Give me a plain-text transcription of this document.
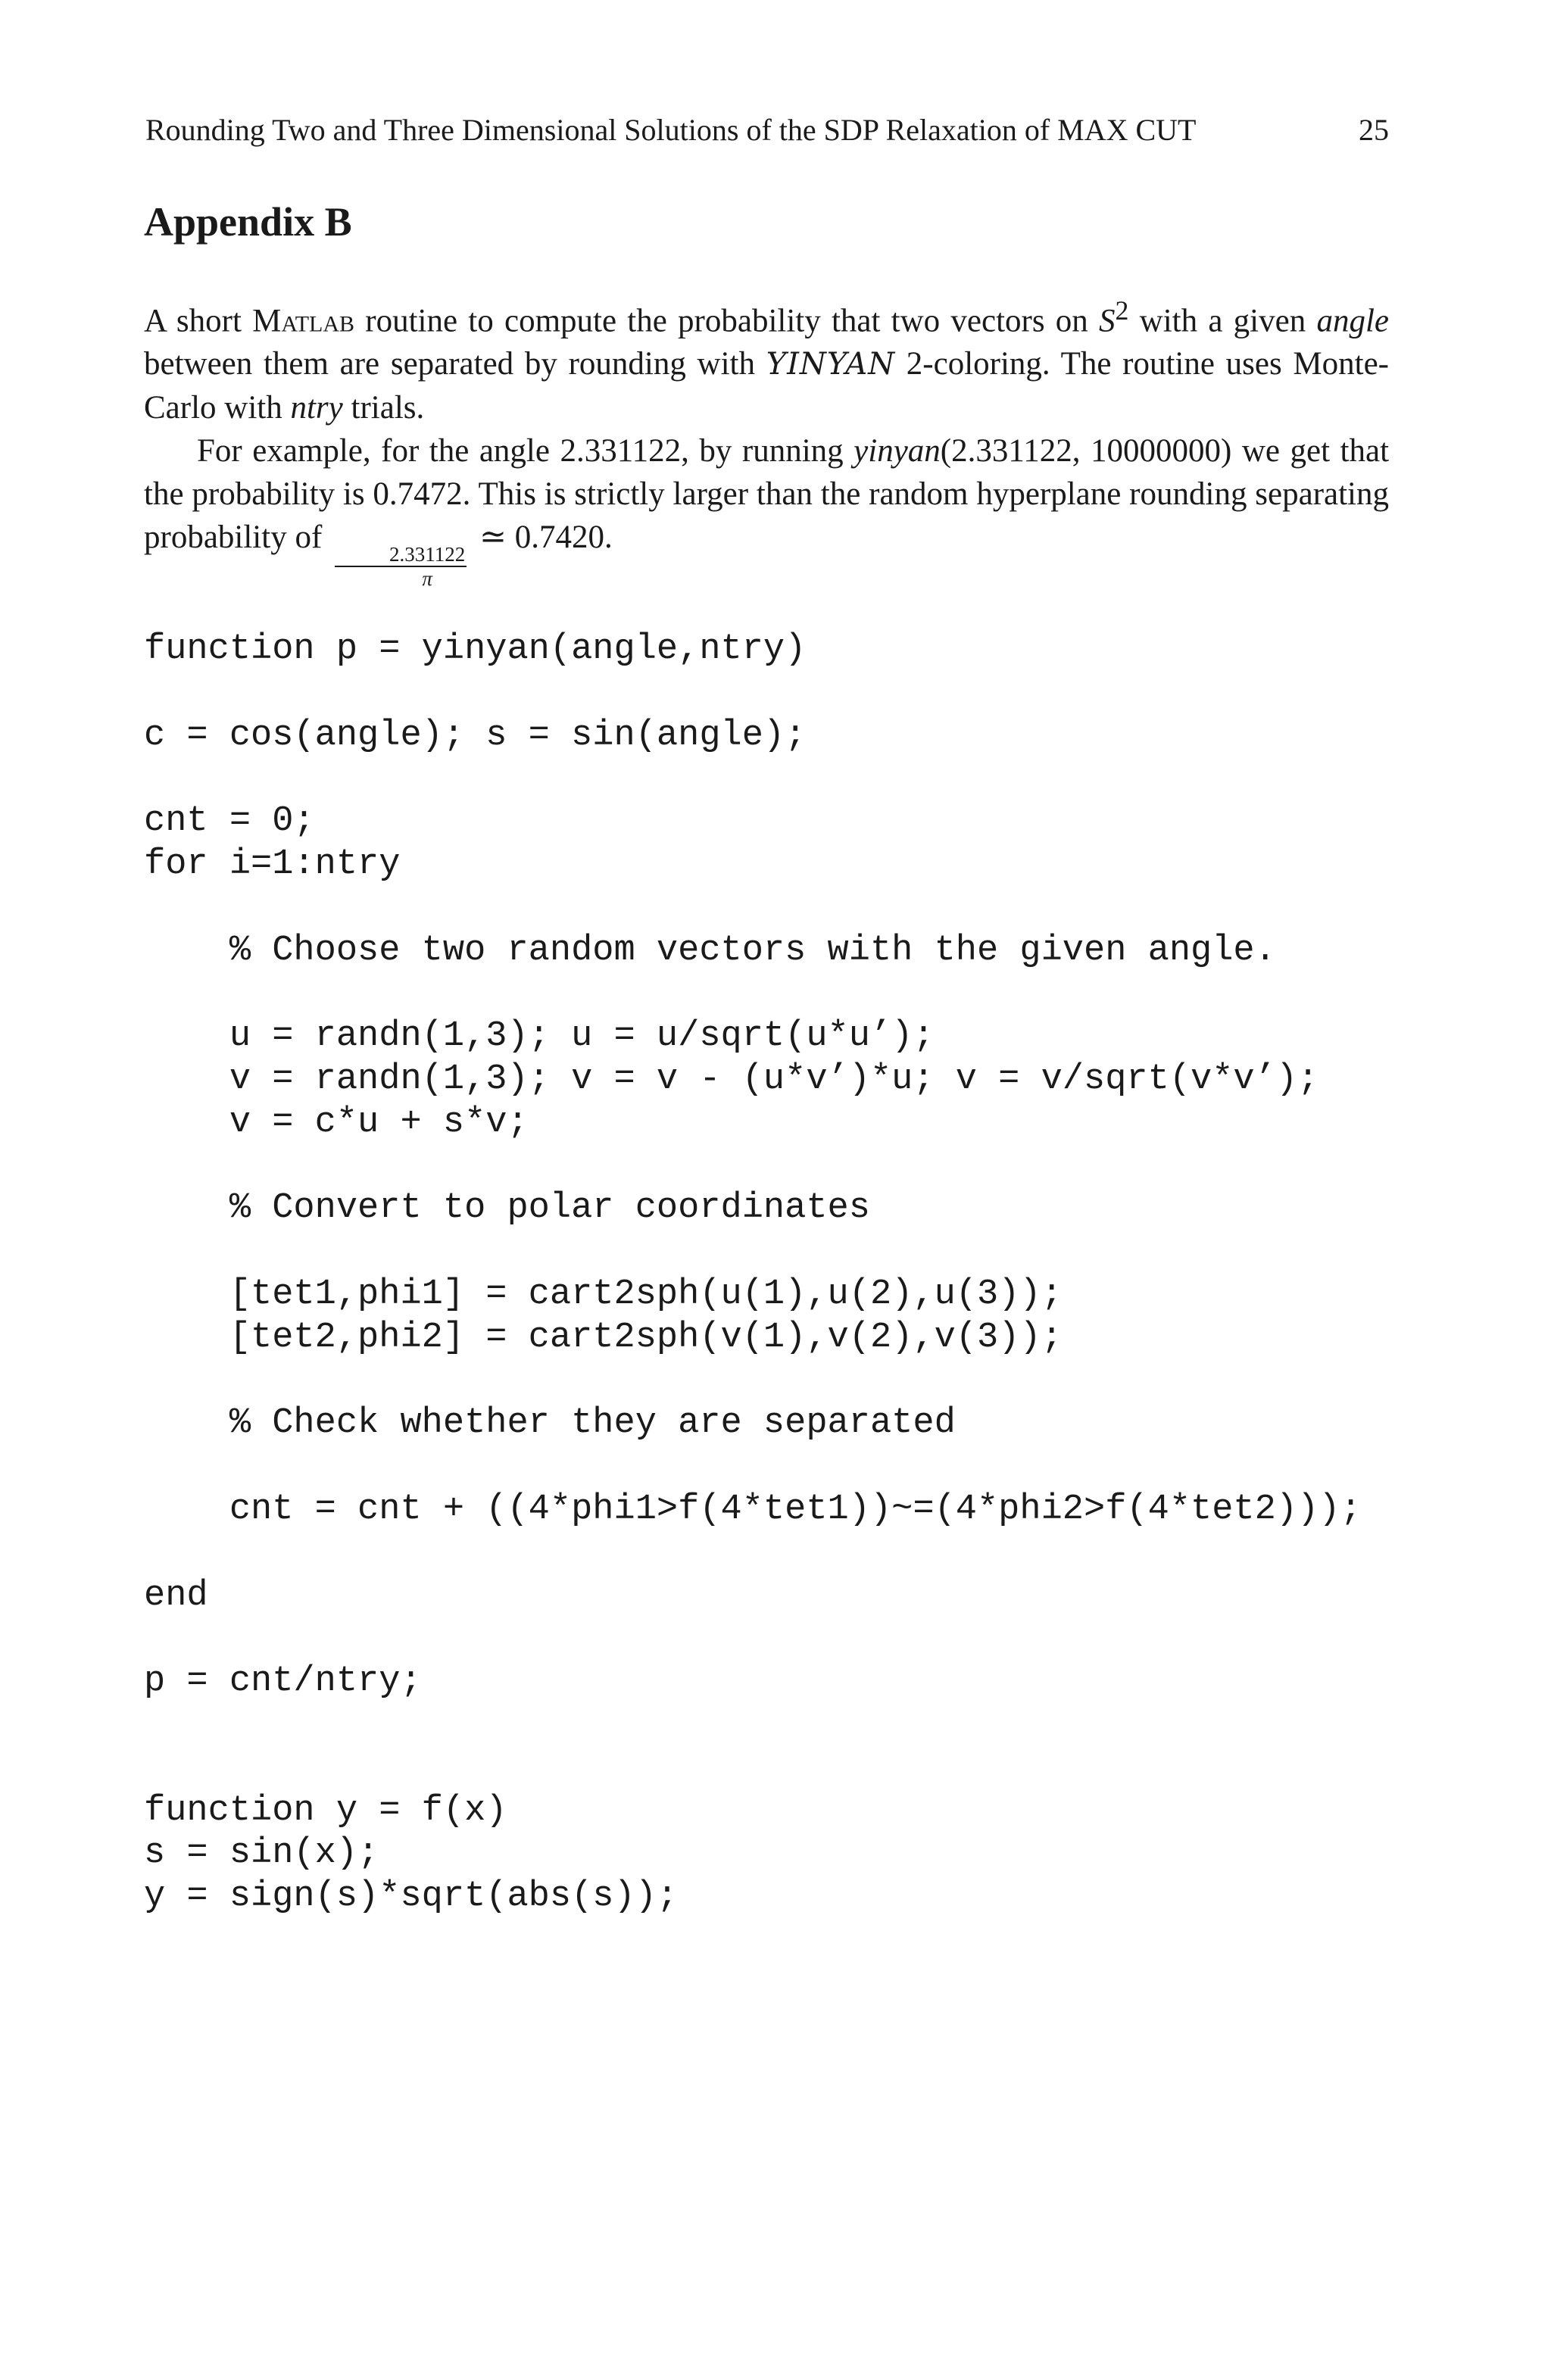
Rounding Two and Three Dimensional Solutions of the SDP Relaxation of MAX CUT	25
Appendix B

A short Matlab routine to compute the probability that two vectors on $S^2$ with a given angle between them are separated by rounding with YINYAN 2-coloring. The routine uses Monte-Carlo with ntry trials.

For example, for the angle 2.331122, by running yinyan(2.331122, 10000000) we get that the probability is 0.7472. This is strictly larger than the random hyperplane rounding separating probability of
$\frac{2.331122}{\pi}$
≃ 0.7420.

function p = yinyan(angle,ntry)
c = cos(angle); s = sin(angle);
cnt = 0;
for i=1:ntry
% Choose two random vectors with the given angle.
u = randn(1,3); u = u/sqrt(u*u’);
v = randn(1,3); v = v - (u*v’)*u; v = v/sqrt(v*v’);
v = c*u + s*v;
% Convert to polar coordinates
[tet1,phi1] = cart2sph(u(1),u(2),u(3));
[tet2,phi2] = cart2sph(v(1),v(2),v(3));
% Check whether they are separated
cnt = cnt + ((4*phi1>f(4*tet1))~=(4*phi2>f(4*tet2)));
end
p = cnt/ntry;
function y = f(x)
s = sin(x);
y = sign(s)*sqrt(abs(s));
